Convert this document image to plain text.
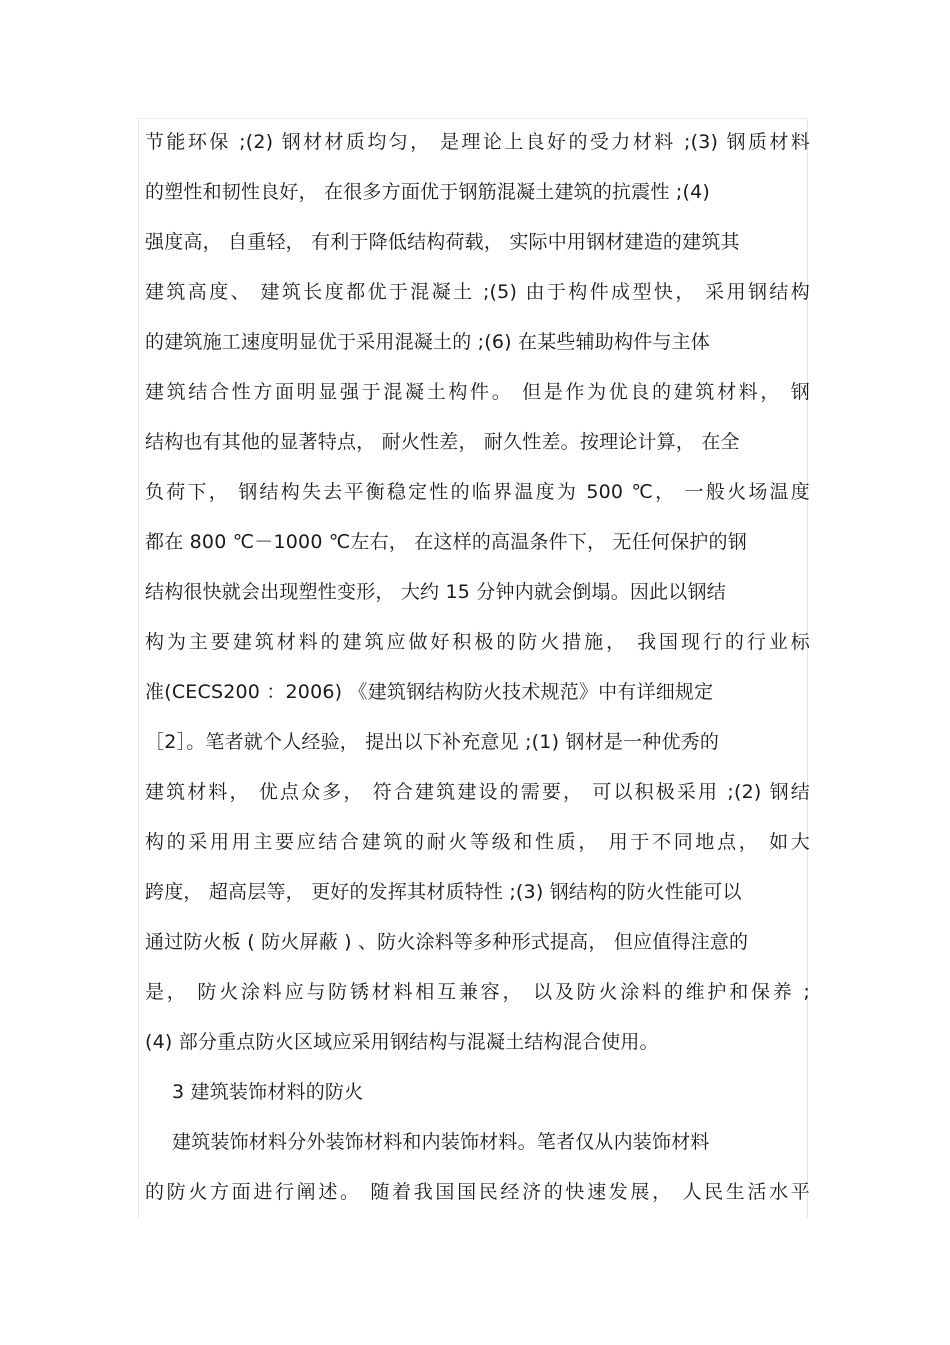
节能环保 ;(2) 钢材材质均匀， 是理论上良好的受力材料 ;(3) 钢质材料
的塑性和韧性良好， 在很多方面优于钢筋混凝土建筑的抗震性 ;(4)
强度高， 自重轻， 有利于降低结构荷载， 实际中用钢材建造的建筑其
建筑高度、 建筑长度都优于混凝土 ;(5) 由于构件成型快， 采用钢结构
的建筑施工速度明显优于采用混凝土的 ;(6) 在某些辅助构件与主体
建筑结合性方面明显强于混凝土构件。 但是作为优良的建筑材料， 钢
结构也有其他的显著特点， 耐火性差， 耐久性差。按理论计算， 在全
负荷下， 钢结构失去平衡稳定性的临界温度为 500 ℃， 一般火场温度
都在 800 ℃－1000 ℃左右， 在这样的高温条件下， 无任何保护的钢
结构很快就会出现塑性变形， 大约 15 分钟内就会倒塌。因此以钢结
构为主要建筑材料的建筑应做好积极的防火措施， 我国现行的行业标
准(CECS200 ：2006) 《建筑钢结构防火技术规范》中有详细规定
［2］。笔者就个人经验， 提出以下补充意见 ;(1) 钢材是一种优秀的
建筑材料， 优点众多， 符合建筑建设的需要， 可以积极采用 ;(2) 钢结
构的采用用主要应结合建筑的耐火等级和性质， 用于不同地点， 如大
跨度， 超高层等， 更好的发挥其材质特性 ;(3) 钢结构的防火性能可以
通过防火板 ( 防火屏蔽 ) 、防火涂料等多种形式提高， 但应值得注意的
是， 防火涂料应与防锈材料相互兼容， 以及防火涂料的维护和保养 ;
(4) 部分重点防火区域应采用钢结构与混凝土结构混合使用。
3 建筑装饰材料的防火
建筑装饰材料分外装饰材料和内装饰材料。笔者仅从内装饰材料
的防火方面进行阐述。 随着我国国民经济的快速发展， 人民生活水平
